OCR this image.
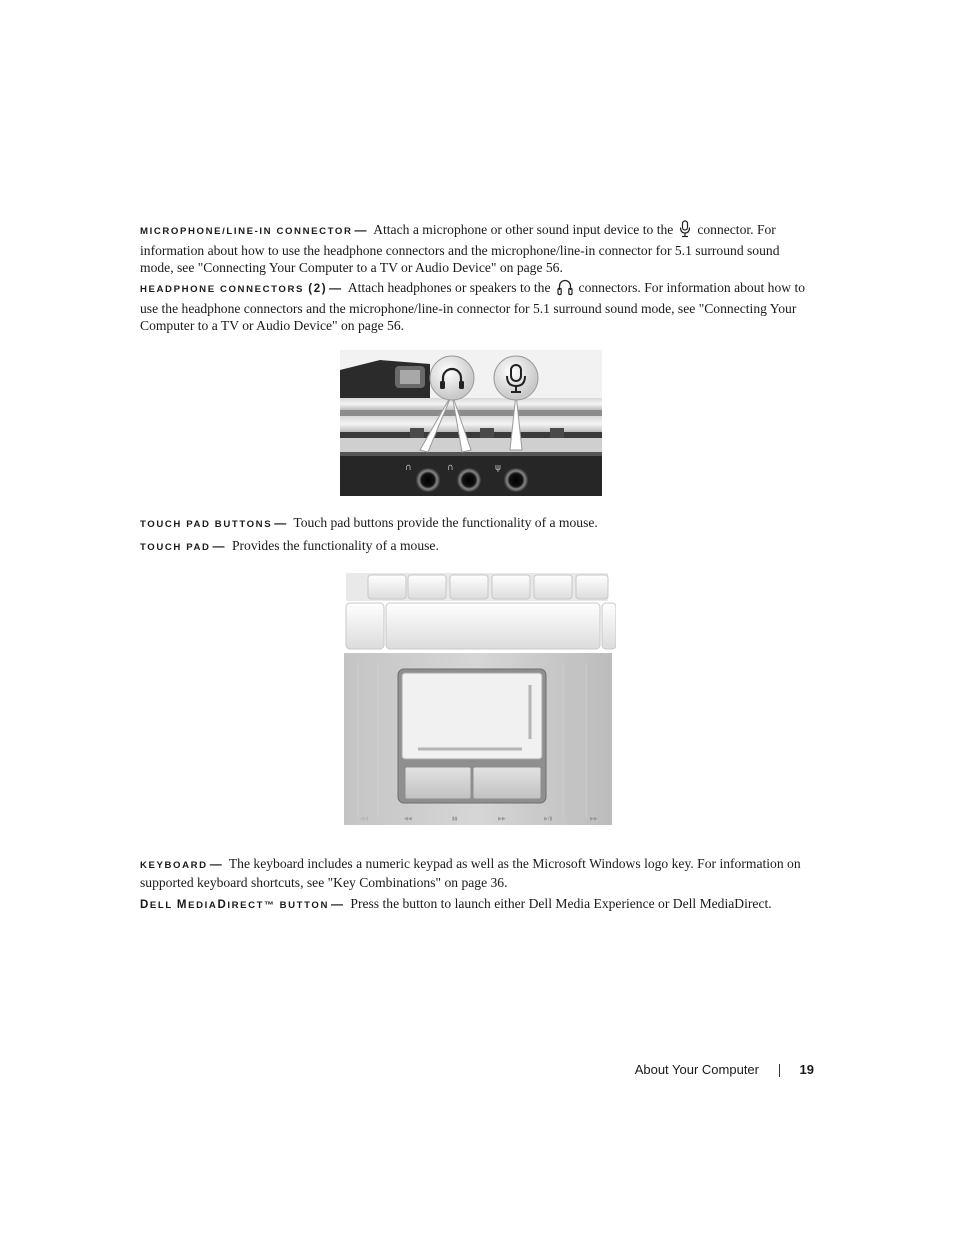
MICROPHONE/LINE-IN CONNECTOR — Attach a microphone or other sound input device to the connector. For information about how to use the headphone connectors and the microphone/line-in connector for 5.1 surround sound mode, see "Connecting Your Computer to a TV or Audio Device" on page 56.

HEADPHONE CONNECTORS (2) — Attach headphones or speakers to the connectors. For information about how to use the headphone connectors and the microphone/line-in connector for 5.1 surround sound mode, see "Connecting Your Computer to a TV or Audio Device" on page 56.

∩	∩	ψ

TOUCH PAD BUTTONS — Touch pad buttons provide the functionality of a mouse.

TOUCH PAD — Provides the functionality of a mouse.

◁◁	◀◀	▮▮	▶▶	▶/▮	▶▶

KEYBOARD — The keyboard includes a numeric keypad as well as the Microsoft Windows logo key. For information on supported keyboard shortcuts, see "Key Combinations" on page 36.

DELL MEDIADIRECT™ BUTTON — Press the button to launch either Dell Media Experience or Dell MediaDirect.

About Your Computer	19
